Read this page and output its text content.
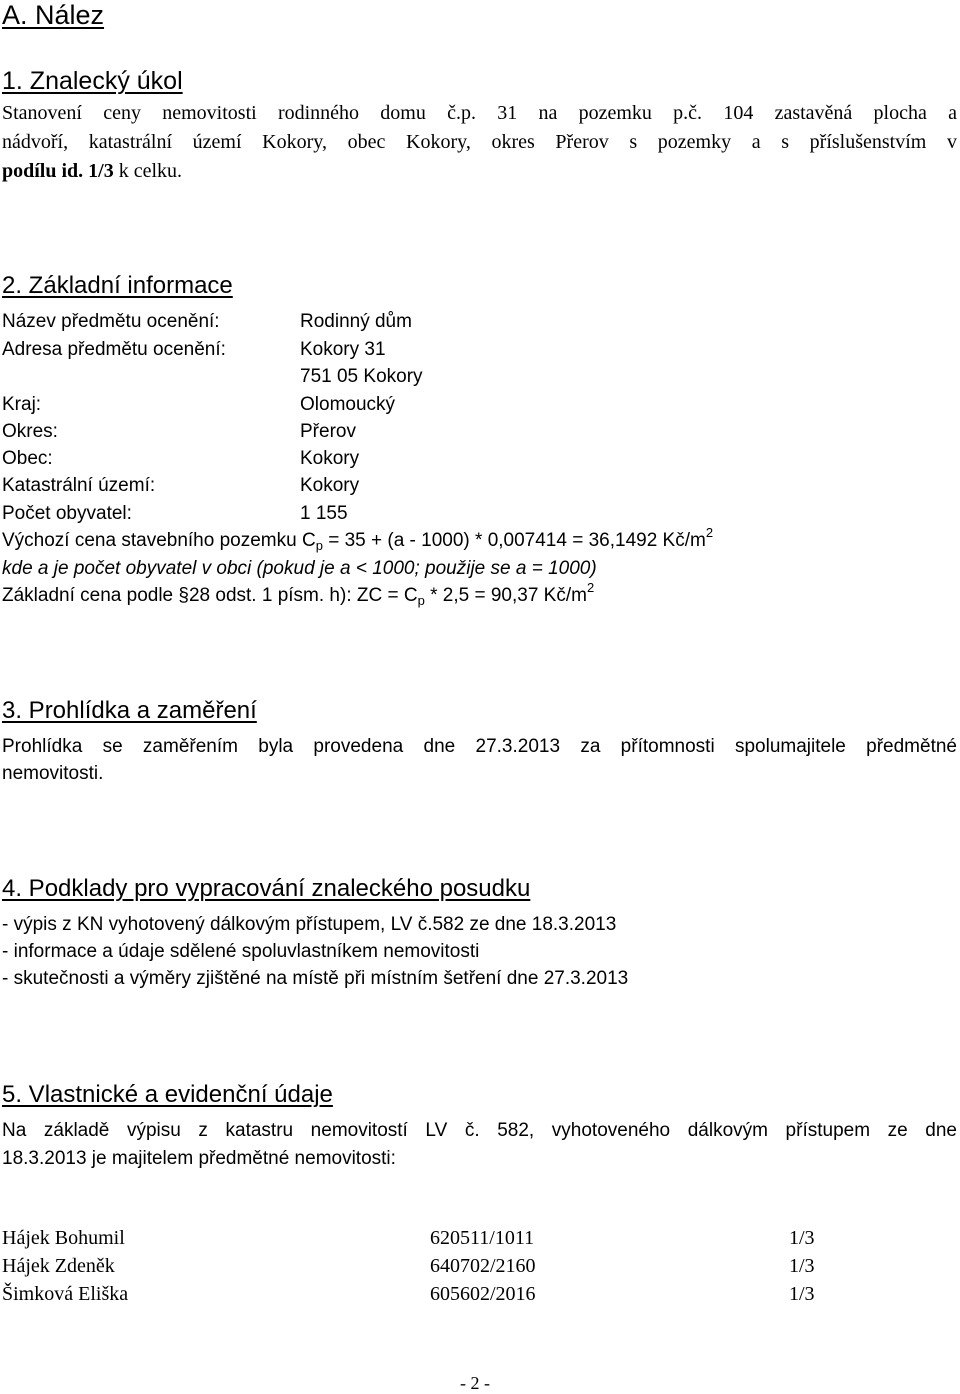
A. Nález
1. Znalecký úkol
Stanovení ceny nemovitosti rodinného domu č.p. 31 na pozemku p.č. 104 zastavěná plocha a
nádvoří, katastrální území Kokory, obec Kokory, okres Přerov s pozemky a s příslušenstvím v
podílu id. 1/3 k celku.
2. Základní informace
Název předmětu ocenění:	Rodinný dům
Adresa předmětu ocenění:	Kokory 31
751 05 Kokory
Kraj:	Olomoucký
Okres:	Přerov
Obec:	Kokory
Katastrální území:	Kokory
Počet obyvatel:	1 155
Výchozí cena stavebního pozemku $C_p = 35 + (a - 1000) * 0,007414 = 36,1492$ $Kč/m^2$
kde a je počet obyvatel v obci (pokud je a < 1000; použije se a = 1000)
Základní cena podle §28 odst. 1 písm. h): ZC = $C_p * 2,5 = 90,37$ $Kč/m^2$
3. Prohlídka a zaměření
Prohlídka se zaměřením byla provedena dne 27.3.2013 za přítomnosti spolumajitele předmětné
nemovitosti.
4. Podklady pro vypracování znaleckého posudku
- výpis z KN vyhotovený dálkovým přístupem, LV č.582 ze dne 18.3.2013
- informace a údaje sdělené spoluvlastníkem nemovitosti
- skutečnosti a výměry zjištěné na místě při místním šetření dne 27.3.2013
5. Vlastnické a evidenční údaje
Na základě výpisu z katastru nemovitostí LV č. 582, vyhotoveného dálkovým přístupem ze dne
18.3.2013 je majitelem předmětné nemovitosti:
Hájek Bohumil	620511/1011	1/3
Hájek Zdeněk	640702/2160	1/3
Šimková Eliška	605602/2016	1/3
- 2 -
